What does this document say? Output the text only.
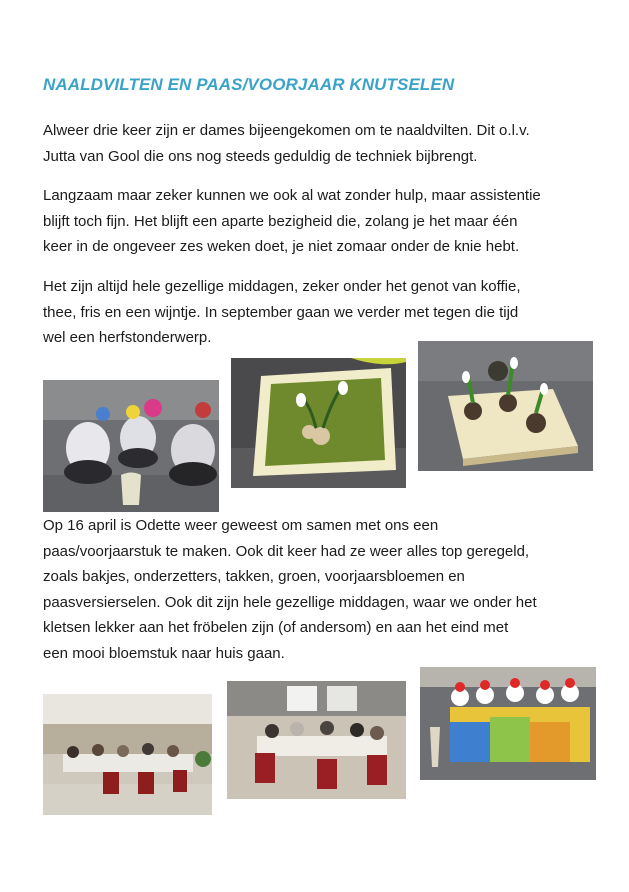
NAALDVILTEN EN PAAS/VOORJAAR KNUTSELEN

Alweer drie keer zijn er dames bijeengekomen om te naaldvilten. Dit o.l.v.
Jutta van Gool die ons nog steeds geduldig de techniek bijbrengt.

Langzaam maar zeker kunnen we ook al wat zonder hulp, maar assistentie
blijft toch fijn. Het blijft een aparte bezigheid die, zolang je het maar één
keer in de ongeveer zes weken doet, je niet zomaar onder de knie hebt.

Het zijn altijd hele gezellige middagen, zeker onder het genot van koffie,
thee, fris en een wijntje. In september gaan we verder met tegen die tijd
wel een herfstonderwerp.

Op 16 april is Odette weer geweest om samen met ons een
paas/voorjaarstuk te maken. Ook dit keer had ze weer alles top geregeld,
zoals bakjes, onderzetters, takken, groen, voorjaarsbloemen en
paasversierselen. Ook dit zijn hele gezellige middagen, waar we onder het
kletsen lekker aan het fröbelen zijn (of andersom) en aan het eind met
een mooi bloemstuk naar huis gaan.
